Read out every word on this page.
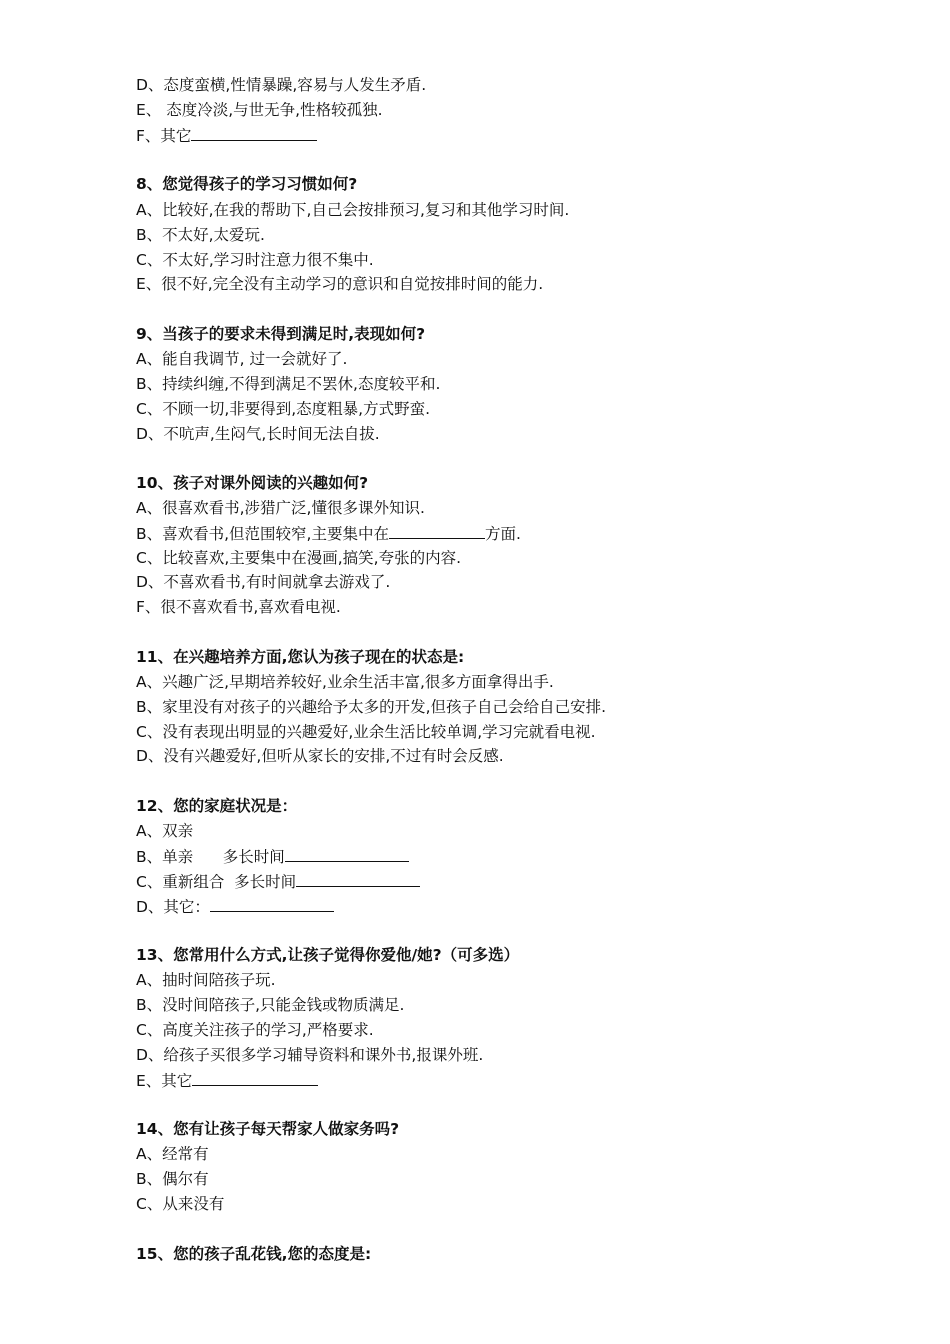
D、态度蛮横,性情暴躁,容易与人发生矛盾.
E、 态度冷淡,与世无争,性格较孤独.
F、其它
8、您觉得孩子的学习习惯如何?
A、比较好,在我的帮助下,自己会按排预习,复习和其他学习时间.
B、不太好,太爱玩.
C、不太好,学习时注意力很不集中.
E、很不好,完全没有主动学习的意识和自觉按排时间的能力.
9、当孩子的要求未得到满足时,表现如何?
A、能自我调节, 过一会就好了.
B、持续纠缠,不得到满足不罢休,态度较平和.
C、不顾一切,非要得到,态度粗暴,方式野蛮.
D、不吭声,生闷气,长时间无法自拔.
10、孩子对课外阅读的兴趣如何?
A、很喜欢看书,涉猎广泛,懂很多课外知识.
B、喜欢看书,但范围较窄,主要集中在	方面.
C、比较喜欢,主要集中在漫画,搞笑,夸张的内容.
D、不喜欢看书,有时间就拿去游戏了.
F、很不喜欢看书,喜欢看电视.
11、在兴趣培养方面,您认为孩子现在的状态是:
A、兴趣广泛,早期培养较好,业余生活丰富,很多方面拿得出手.
B、家里没有对孩子的兴趣给予太多的开发,但孩子自己会给自己安排.
C、没有表现出明显的兴趣爱好,业余生活比较单调,学习完就看电视.
D、没有兴趣爱好,但听从家长的安排,不过有时会反感.
12、您的家庭状况是：
A、双亲
B、单亲      多长时间
C、重新组合  多长时间
D、其它：
13、您常用什么方式,让孩子觉得你爱他/她?（可多选）
A、抽时间陪孩子玩.
B、没时间陪孩子,只能金钱或物质满足.
C、高度关注孩子的学习,严格要求.
D、给孩子买很多学习辅导资料和课外书,报课外班.
E、其它
14、您有让孩子每天帮家人做家务吗?
A、经常有
B、偶尔有
C、从来没有
15、您的孩子乱花钱,您的态度是:
